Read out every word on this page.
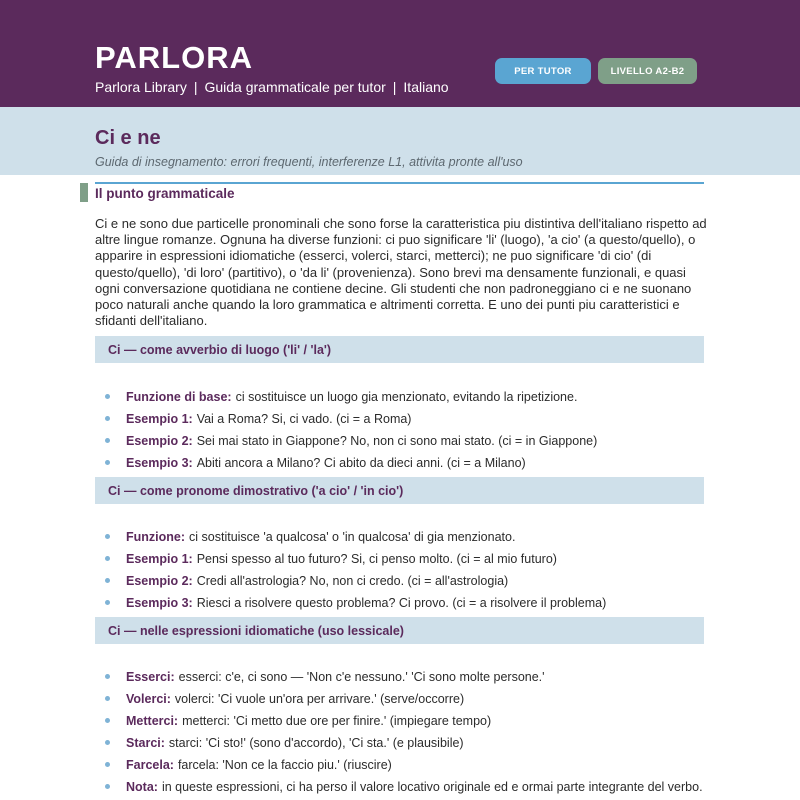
PARLORA
Parlora Library | Guida grammaticale per tutor | Italiano
PER TUTOR	LIVELLO A2-B2
Ci e ne
Guida di insegnamento: errori frequenti, interferenze L1, attivita pronte all'uso
Il punto grammaticale

Ci e ne sono due particelle pronominali che sono forse la caratteristica piu distintiva dell'italiano rispetto ad altre lingue romanze. Ognuna ha diverse funzioni: ci puo significare 'li' (luogo), 'a cio' (a questo/quello), o apparire in espressioni idiomatiche (esserci, volerci, starci, metterci); ne puo significare 'di cio' (di questo/quello), 'di loro' (partitivo), o 'da li' (provenienza). Sono brevi ma densamente funzionali, e quasi ogni conversazione quotidiana ne contiene decine. Gli studenti che non padroneggiano ci e ne suonano poco naturali anche quando la loro grammatica e altrimenti corretta. E uno dei punti piu caratteristici e sfidanti dell'italiano.

Ci — come avverbio di luogo ('li' / 'la')
Funzione di base: ci sostituisce un luogo gia menzionato, evitando la ripetizione.
Esempio 1: Vai a Roma? Si, ci vado. (ci = a Roma)
Esempio 2: Sei mai stato in Giappone? No, non ci sono mai stato. (ci = in Giappone)
Esempio 3: Abiti ancora a Milano? Ci abito da dieci anni. (ci = a Milano)
Ci — come pronome dimostrativo ('a cio' / 'in cio')
Funzione: ci sostituisce 'a qualcosa' o 'in qualcosa' di gia menzionato.
Esempio 1: Pensi spesso al tuo futuro? Si, ci penso molto. (ci = al mio futuro)
Esempio 2: Credi all'astrologia? No, non ci credo. (ci = all'astrologia)
Esempio 3: Riesci a risolvere questo problema? Ci provo. (ci = a risolvere il problema)
Ci — nelle espressioni idiomatiche (uso lessicale)
Esserci: esserci: c'e, ci sono — 'Non c'e nessuno.' 'Ci sono molte persone.'
Volerci: volerci: 'Ci vuole un'ora per arrivare.' (serve/occorre)
Metterci: metterci: 'Ci metto due ore per finire.' (impiegare tempo)
Starci: starci: 'Ci sto!' (sono d'accordo), 'Ci sta.' (e plausibile)
Farcela: farcela: 'Non ce la faccio piu.' (riuscire)
Nota: in queste espressioni, ci ha perso il valore locativo originale ed e ormai parte integrante del verbo.
